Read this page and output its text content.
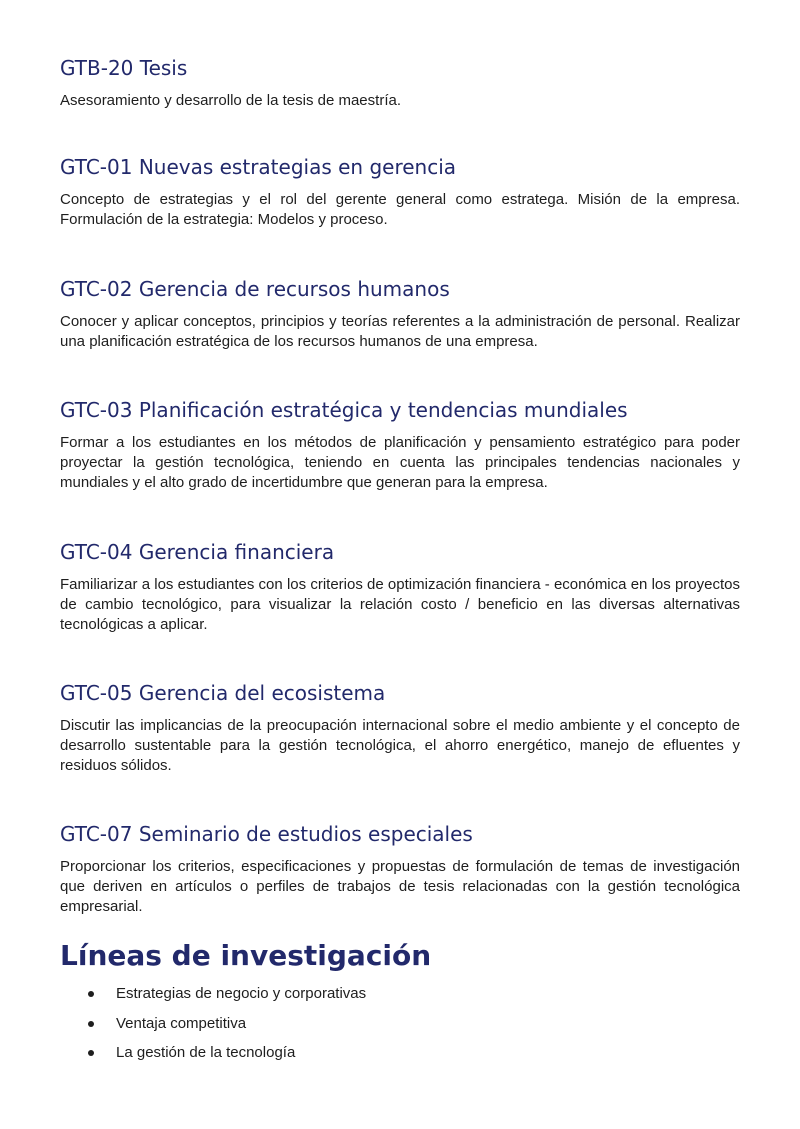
GTB-20 Tesis

Asesoramiento y desarrollo de la tesis de maestría.

GTC-01 Nuevas estrategias en gerencia

Concepto de estrategias y el rol del gerente general como estratega. Misión de la empresa. Formulación de la estrategia: Modelos y proceso.

GTC-02 Gerencia de recursos humanos

Conocer y aplicar conceptos, principios y teorías referentes a la administración de personal. Realizar una planificación estratégica de los recursos humanos de una empresa.

GTC-03 Planificación estratégica y tendencias mundiales

Formar a los estudiantes en los métodos de planificación y pensamiento estratégico para poder proyectar la gestión tecnológica, teniendo en cuenta las principales tendencias nacionales y mundiales y el alto grado de incertidumbre que generan para la empresa.

GTC-04 Gerencia financiera

Familiarizar a los estudiantes con los criterios de optimización financiera - económica en los proyectos de cambio tecnológico, para visualizar la relación costo / beneficio en las diversas alternativas tecnológicas a aplicar.

GTC-05 Gerencia del ecosistema

Discutir las implicancias de la preocupación internacional sobre el medio ambiente y el concepto de desarrollo sustentable para la gestión tecnológica, el ahorro energético, manejo de efluentes y residuos sólidos.

GTC-07 Seminario de estudios especiales

Proporcionar los criterios, especificaciones y propuestas de formulación de temas de investigación que deriven en artículos o perfiles de trabajos de tesis relacionadas con la gestión tecnológica empresarial.

Líneas de investigación
Estrategias de negocio y corporativas
Ventaja competitiva
La gestión de la tecnología
